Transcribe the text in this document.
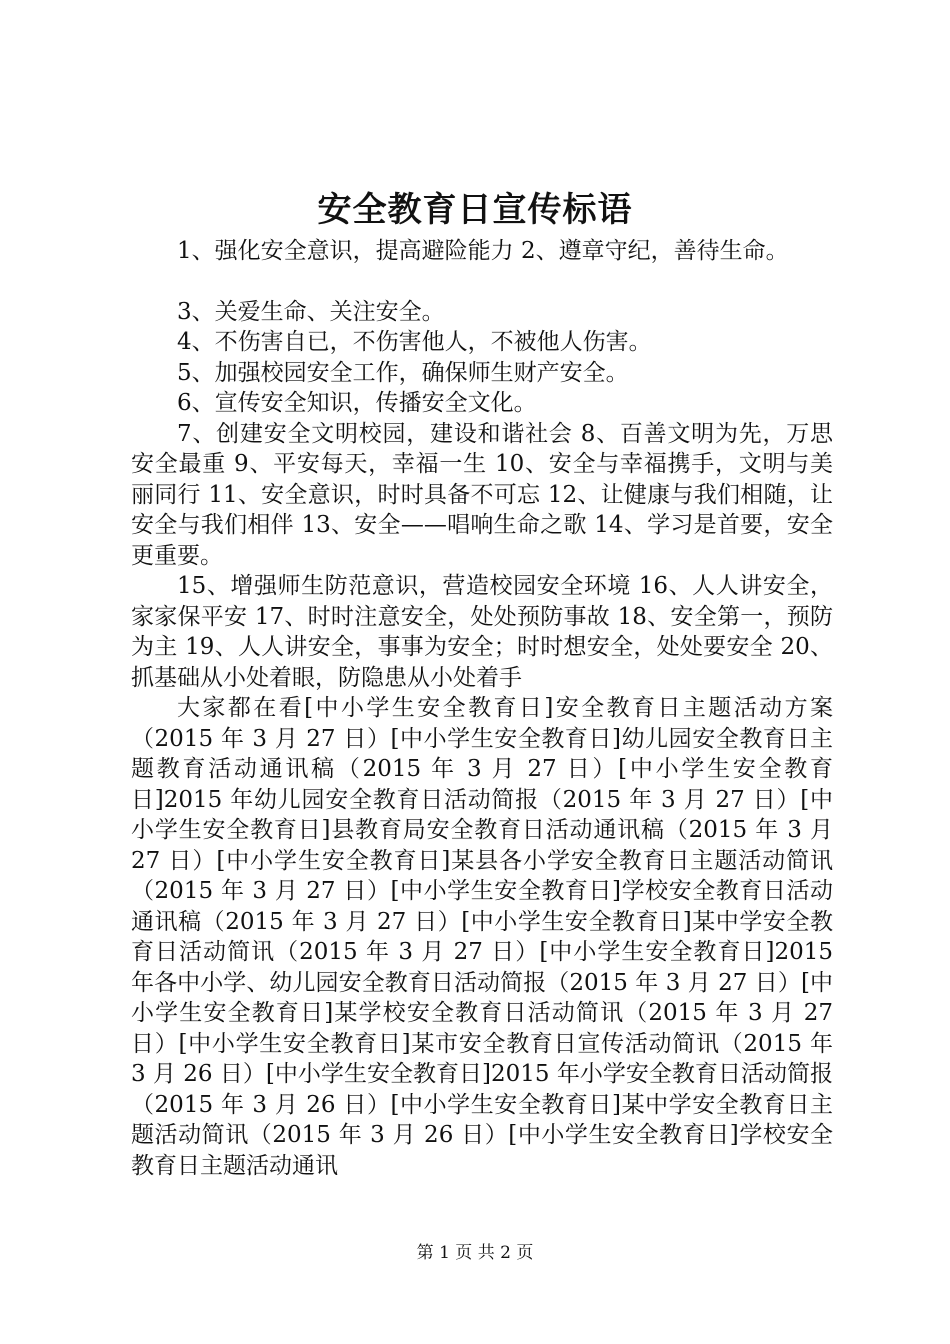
安全教育日宣传标语

1、强化安全意识，提高避险能力 2、遵章守纪，善待生命。

3、关爱生命、关注安全。

4、不伤害自已，不伤害他人，不被他人伤害。

5、加强校园安全工作，确保师生财产安全。

6、宣传安全知识，传播安全文化。

7、创建安全文明校园，建设和谐社会 8、百善文明为先，万思安全最重 9、平安每天，幸福一生 10、安全与幸福携手，文明与美丽同行 11、安全意识，时时具备不可忘 12、让健康与我们相随，让安全与我们相伴 13、安全——唱响生命之歌 14、学习是首要，安全更重要。

15、增强师生防范意识，营造校园安全环境 16、人人讲安全，家家保平安 17、时时注意安全，处处预防事故 18、安全第一，预防为主 19、人人讲安全，事事为安全；时时想安全，处处要安全 20、抓基础从小处着眼，防隐患从小处着手

大家都在看[中小学生安全教育日]安全教育日主题活动方案（2015 年 3 月 27 日）[中小学生安全教育日]幼儿园安全教育日主题教育活动通讯稿（2015 年 3 月 27 日）[中小学生安全教育日]2015 年幼儿园安全教育日活动简报（2015 年 3 月 27 日）[中小学生安全教育日]县教育局安全教育日活动通讯稿（2015 年 3 月 27 日）[中小学生安全教育日]某县各小学安全教育日主题活动简讯（2015 年 3 月 27 日）[中小学生安全教育日]学校安全教育日活动通讯稿（2015 年 3 月 27 日）[中小学生安全教育日]某中学安全教育日活动简讯（2015 年 3 月 27 日）[中小学生安全教育日]2015 年各中小学、幼儿园安全教育日活动简报（2015 年 3 月 27 日）[中小学生安全教育日]某学校安全教育日活动简讯（2015 年 3 月 27 日）[中小学生安全教育日]某市安全教育日宣传活动简讯（2015 年 3 月 26 日）[中小学生安全教育日]2015 年小学安全教育日活动简报（2015 年 3 月 26 日）[中小学生安全教育日]某中学安全教育日主题活动简讯（2015 年 3 月 26 日）[中小学生安全教育日]学校安全教育日主题活动通讯

第 1 页 共 2 页
